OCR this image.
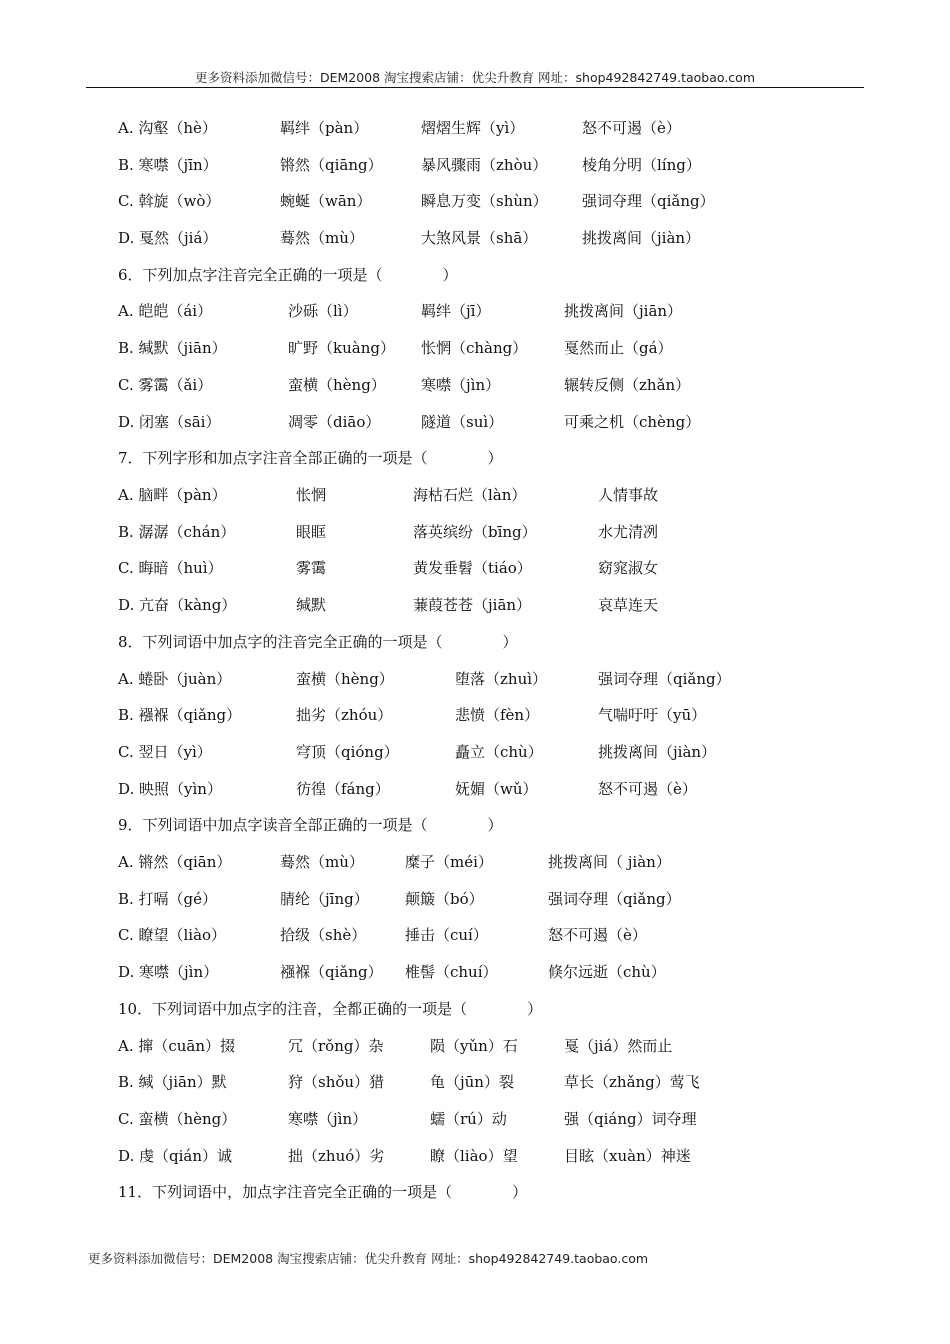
更多资料添加微信号：DEM2008 淘宝搜索店铺：优尖升教育 网址：shop492842749.taobao.com
A. 沟壑（hè）	羁绊（pàn）	熠熠生辉（yì）	怒不可遏（è）
B. 寒噤（jīn）	锵然（qiāng）	暴风骤雨（zhòu） 棱角分明（líng）
C. 斡旋（wò）	蜿蜒（wān）	瞬息万变（shùn） 强词夺理（qiǎng）
D. 戛然（jiá）	蓦然（mù）	大煞风景（shā）	挑拨离间（jiàn）
6．下列加点字注音完全正确的一项是（	）
A. 皑皑（ái）	沙砾（lì）	羁绊（jī）	挑拨离间（jiān）
B. 缄默（jiān）	旷野（kuàng） 怅惘（chàng） 戛然而止（gá）
C. 雾霭（ǎi）	蛮横（hèng） 寒噤（jìn）	辗转反侧（zhǎn）
D. 闭塞（sāi）	凋零（diāo）	隧道（suì）	可乘之机（chèng）
7．下列字形和加点字注音全部正确的一项是（	）
A. 脑畔（pàn）	怅惘	海枯石烂（làn）	人情事故
B. 潺潺（chán）	眼眶	落英缤纷（bīng）	水尤清冽
C. 晦暗（huì）	雾霭	黄发垂髫（tiáo）	窈窕淑女
D. 亢奋（kàng）	缄默	蒹葭苍苍（jiān）	哀草连天
8．下列词语中加点字的注音完全正确的一项是（	）
A. 蜷卧（juàn）	蛮横（hèng）	堕落（zhuì）	强词夺理（qiǎng）
B. 襁褓（qiǎng）	拙劣（zhóu）	悲愤（fèn）	气喘吁吁（yū）
C. 翌日（yì）	穹顶（qióng）	矗立（chù）	挑拨离间（jiàn）
D. 映照（yìn）	彷徨（fáng）	妩媚（wǔ）	怒不可遏（è）
9．下列词语中加点字读音全部正确的一项是（	）
A. 锵然（qiān）	蓦然（mù）	糜子（méi）	挑拨离间（ jiàn）
B. 打嗝（gé）	腈纶（jīng） 颠簸（bó）	强词夺理（qiǎng）
C. 瞭望（liào）	拾级（shè）	捶击（cuí）	怒不可遏（è）
D. 寒噤（jìn）	襁褓（qiǎng） 椎髻（chuí）	倏尔远逝（chù）
10．下列词语中加点字的注音，全都正确的一项是（	）
A. 撺（cuān）掇	冗（rǒng）杂	陨（yǔn）石	戛（jiá）然而止
B. 缄（jiān）默	狩（shǒu）猎	龟（jūn）裂	草长（zhǎng）莺飞
C. 蛮横（hèng）	寒噤（jìn）	蠕（rú）动	强（qiáng）词夺理
D. 虔（qián）诚	拙（zhuó）劣	瞭（liào）望	目眩（xuàn）神迷
11．下列词语中，加点字注音完全正确的一项是（	）
更多资料添加微信号：DEM2008 淘宝搜索店铺：优尖升教育 网址：shop492842749.taobao.com
